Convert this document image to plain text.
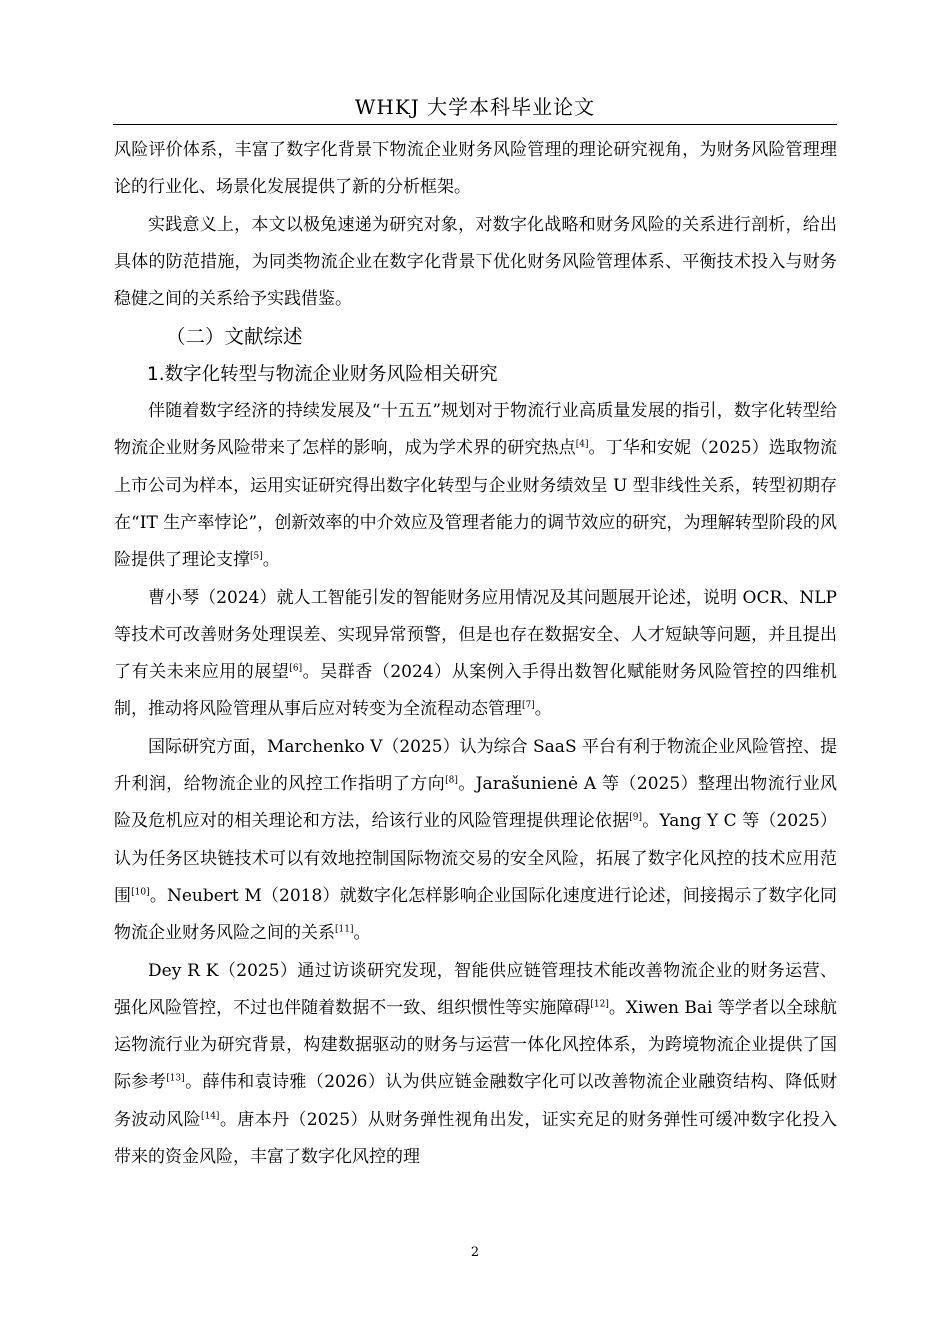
WHKJ 大学本科毕业论文
风险评价体系，丰富了数字化背景下物流企业财务风险管理的理论研究视角，为财务风险管理理论的行业化、场景化发展提供了新的分析框架。
实践意义上，本文以极兔速递为研究对象，对数字化战略和财务风险的关系进行剖析，给出具体的防范措施，为同类物流企业在数字化背景下优化财务风险管理体系、平衡技术投入与财务稳健之间的关系给予实践借鉴。
（二）文献综述
1.数字化转型与物流企业财务风险相关研究
伴随着数字经济的持续发展及“十五五”规划对于物流行业高质量发展的指引，数字化转型给物流企业财务风险带来了怎样的影响，成为学术界的研究热点[4]。丁华和安妮（2025）选取物流上市公司为样本，运用实证研究得出数字化转型与企业财务绩效呈 U 型非线性关系，转型初期存在“IT 生产率悖论”，创新效率的中介效应及管理者能力的调节效应的研究，为理解转型阶段的风险提供了理论支撑[5]。
曹小琴（2024）就人工智能引发的智能财务应用情况及其问题展开论述，说明 OCR、NLP 等技术可改善财务处理误差、实现异常预警，但是也存在数据安全、人才短缺等问题，并且提出了有关未来应用的展望[6]。吴群香（2024）从案例入手得出数智化赋能财务风险管控的四维机制，推动将风险管理从事后应对转变为全流程动态管理[7]。
国际研究方面，Marchenko V（2025）认为综合 SaaS 平台有利于物流企业风险管控、提升利润，给物流企业的风控工作指明了方向[8]。Jarašunienė A 等（2025）整理出物流行业风险及危机应对的相关理论和方法，给该行业的风险管理提供理论依据[9]。Yang Y C 等（2025）认为任务区块链技术可以有效地控制国际物流交易的安全风险，拓展了数字化风控的技术应用范围[10]。Neubert M（2018）就数字化怎样影响企业国际化速度进行论述，间接揭示了数字化同物流企业财务风险之间的关系[11]。
Dey R K（2025）通过访谈研究发现，智能供应链管理技术能改善物流企业的财务运营、强化风险管控，不过也伴随着数据不一致、组织惯性等实施障碍[12]。Xiwen Bai 等学者以全球航运物流行业为研究背景，构建数据驱动的财务与运营一体化风控体系，为跨境物流企业提供了国际参考[13]。薛伟和袁诗雅（2026）认为供应链金融数字化可以改善物流企业融资结构、降低财务波动风险[14]。唐本丹（2025）从财务弹性视角出发，证实充足的财务弹性可缓冲数字化投入带来的资金风险，丰富了数字化风控的理
2
